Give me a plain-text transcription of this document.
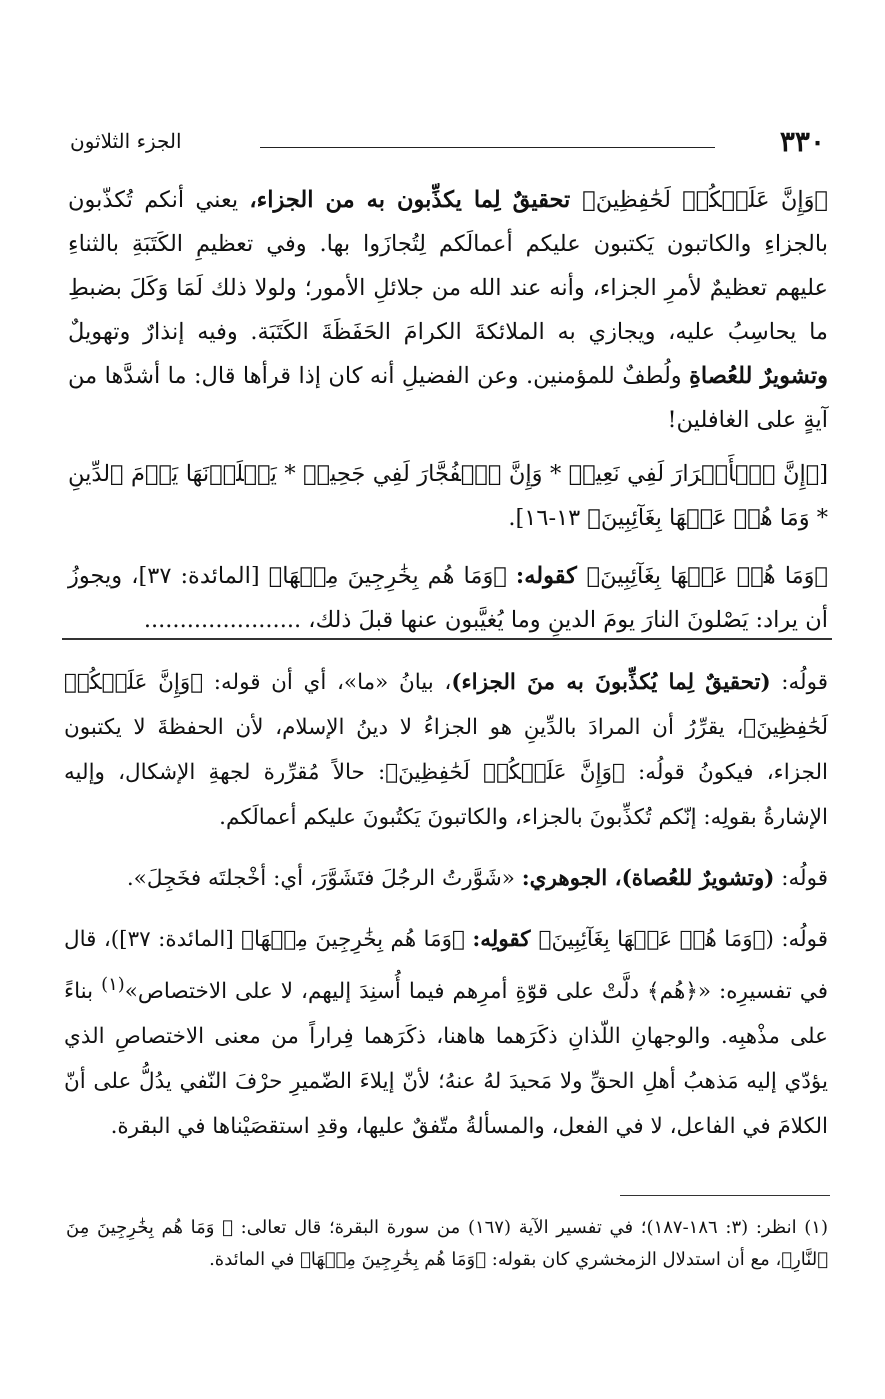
٣٣٠
الجزء الثلاثون

﴿وَإِنَّ عَلَيۡكُمۡ لَحَٰفِظِينَ﴾ تحقيقٌ لِما يكذِّبون به من الجزاء، يعني أنكم تُكذّبون بالجزاءِ والكاتبون يَكتبون عليكم أعمالَكم لِتُجازَوا بها. وفي تعظيمِ الكَتَبَةِ بالثناءِ عليهم تعظيمٌ لأمرِ الجزاء، وأنه عند الله من جلائلِ الأمور؛ ولولا ذلك لَمَا وَكَلَ بضبطِ ما يحاسِبُ عليه، ويجازي به الملائكةَ الكرامَ الحَفَظَةَ الكَتَبَة. وفيه إنذارٌ وتهويلٌ وتشويرٌ للعُصاةِ ولُطفٌ للمؤمنين. وعن الفضيلِ أنه كان إذا قرأها قال: ما أشدَّها من آيةٍ على الغافلين!

[﴿إِنَّ ٱلۡأَبۡرَارَ لَفِي نَعِيمٖ * وَإِنَّ ٱلۡفُجَّارَ لَفِي جَحِيمٖ * يَصۡلَوۡنَهَا يَوۡمَ ٱلدِّينِ * وَمَا هُمۡ عَنۡهَا بِغَآئِبِينَ﴾ ١٣-١٦].

﴿وَمَا هُمۡ عَنۡهَا بِغَآئِبِينَ﴾ كقوله: ﴿وَمَا هُم بِخَٰرِجِينَ مِنۡهَا﴾ [المائدة: ٣٧]، ويجوزُ أن يراد: يَصْلونَ النارَ يومَ الدينِ وما يُغيَّبون عنها قبلَ ذلك، ......................

قولُه: (تحقيقٌ لِما يُكذِّبونَ به منَ الجزاء)، بيانُ «ما»، أي أن قوله: ﴿وَإِنَّ عَلَيۡكُمۡ لَحَٰفِظِينَ﴾، يقرِّرُ أن المرادَ بالدِّينِ هو الجزاءُ لا دينُ الإسلام، لأن الحفظةَ لا يكتبون الجزاء، فيكونُ قولُه: ﴿وَإِنَّ عَلَيۡكُمۡ لَحَٰفِظِينَ﴾: حالاً مُقرِّرة لجهةِ الإشكال، وإليه الإشارةُ بقولِه: إنّكم تُكذِّبونَ بالجزاء، والكاتبونَ يَكتُبونَ عليكم أعمالَكم.

قولُه: (وتشويرٌ للعُصاة)، الجوهري: «شَوَّرتُ الرجُلَ فتَشَوَّرَ، أي: أخْجلتَه فخَجِلَ».

قولُه: (﴿وَمَا هُمۡ عَنۡهَا بِغَآئِبِينَ﴾ كقولِه: ﴿وَمَا هُم بِخَٰرِجِينَ مِنۡهَا﴾ [المائدة: ٣٧])، قال في تفسيرِه: «﴿هُم﴾ دلَّتْ على قوّةِ أمرِهم فيما أُسنِدَ إليهم، لا على الاختصاص»$^{(١)}$ بناءً على مذْهبِه. والوجهانِ اللّذانِ ذكَرَهما هاهنا، ذكَرَهما فِراراً من معنى الاختصاصِ الذي يؤدّي إليه مَذهبُ أهلِ الحقِّ ولا مَحيدَ لهُ عنهُ؛ لأنّ إيلاءَ الضّميرِ حرْفَ النّفي يدُلُّ على أنّ الكلامَ في الفاعل، لا في الفعل، والمسألةُ متّفقٌ عليها، وقدِ استقصَيْناها في البقرة.

(١) انظر: (٣: ١٨٦-١٨٧)؛ في تفسير الآية (١٦٧) من سورة البقرة؛ قال تعالى: ﴿ وَمَا هُم بِخَٰرِجِينَ مِنَ ٱلنَّارِ﴾، مع أن استدلال الزمخشري كان بقوله: ﴿وَمَا هُم بِخَٰرِجِينَ مِنۡهَا﴾ في المائدة.
